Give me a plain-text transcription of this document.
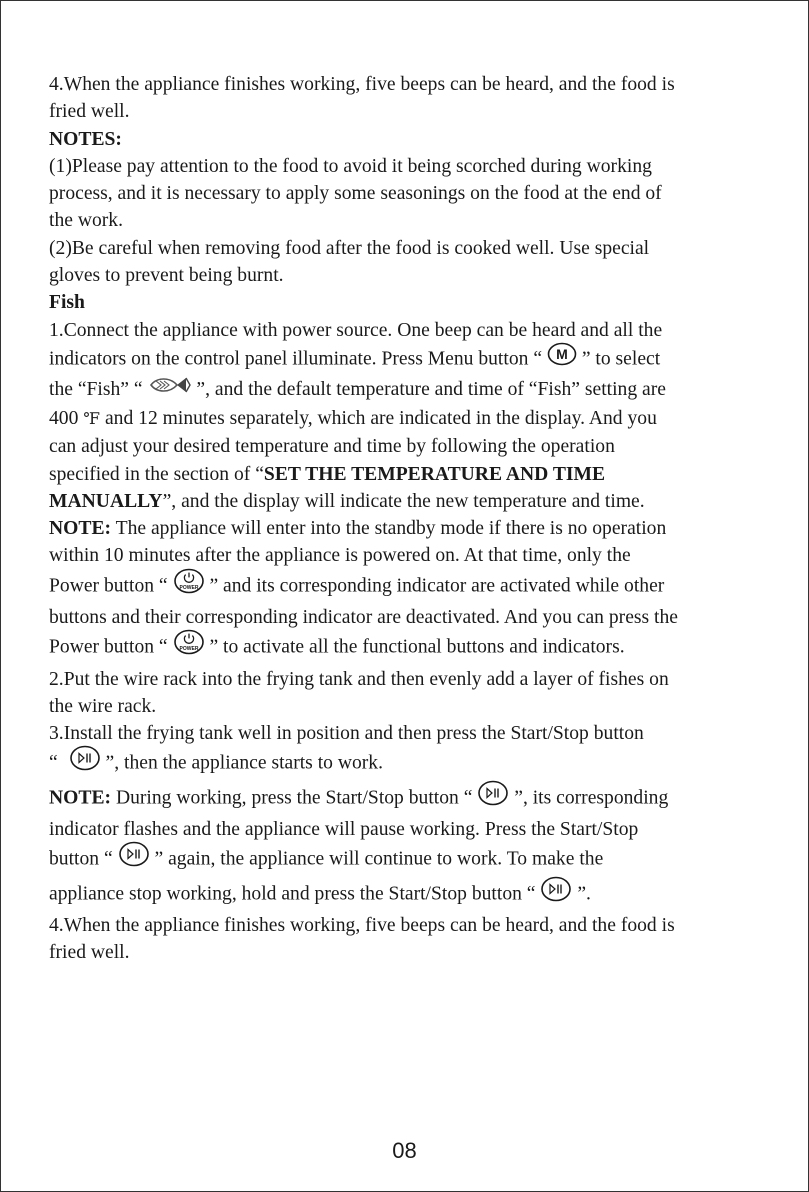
4.When the appliance finishes working, five beeps can be heard, and the food is
fried well.
NOTES:
(1)Please pay attention to the food to avoid it being scorched during working
process, and it is necessary to apply some seasonings on the food at the end of
the work.
(2)Be careful when removing food after the food is cooked well. Use special
gloves to prevent being burnt.
Fish
1.Connect the appliance with power source. One beep can be heard and all the
indicators on the control panel illuminate. Press Menu button “ M ” to select
the “Fish” “	”, and the default temperature and time of “Fish” setting are
400 ℉ and 12 minutes separately, which are indicated in the display. And you
can adjust your desired temperature and time by following the operation
specified in the section of “SET THE TEMPERATURE AND TIME
MANUALLY”, and the display will indicate the new temperature and time.
NOTE: The appliance will enter into the standby mode if there is no operation
within 10 minutes after the appliance is powered on. At that time, only the
Power button “ POWER ” and its corresponding indicator are activated while other
buttons and their corresponding indicator are deactivated. And you can press the
Power button “ POWER ” to activate all the functional buttons and indicators.
2.Put the wire rack into the frying tank and then evenly add a layer of fishes on
the wire rack.
3.Install the frying tank well in position and then press the Start/Stop button
“ ”, then the appliance starts to work.
NOTE: During working, press the Start/Stop button “ ”, its corresponding
indicator flashes and the appliance will pause working. Press the Start/Stop
button “ ” again, the appliance will continue to work. To make the
appliance stop working, hold and press the Start/Stop button “ ”.
4.When the appliance finishes working, five beeps can be heard, and the food is
fried well.
08
